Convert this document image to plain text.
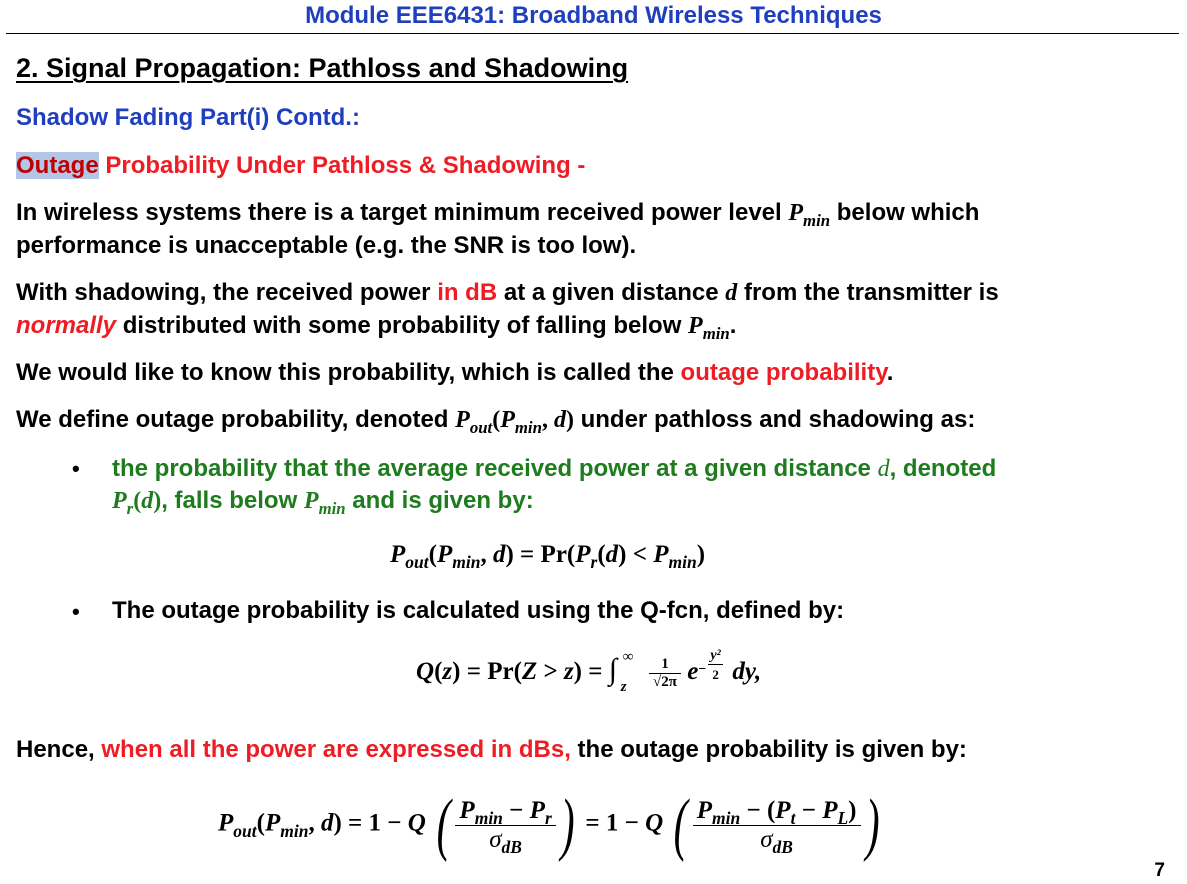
Module EEE6431: Broadband Wireless Techniques
2. Signal Propagation: Pathloss and Shadowing
Shadow Fading Part(i) Contd.:
Outage Probability Under Pathloss & Shadowing -
In wireless systems there is a target minimum received power level $P_{min}$ below which
performance is unacceptable (e.g. the SNR is too low).
With shadowing, the received power in dB at a given distance d from the transmitter is
normally distributed with some probability of falling below $P_{min}$.
We would like to know this probability, which is called the outage probability.
We define outage probability, denoted $P_{out}(P_{min}$, d) under pathloss and shadowing as:
• the probability that the average received power at a given distance d, denoted
$P_r(d)$, falls below $P_{min}$ and is given by:
$P_{out}(P_{min}$, $d) = Pr(P_r(d) < P_{min})$
• The outage probability is calculated using the Q-fcn, defined by:
Q(z) = Pr(Z > z) = ∫ ∞
z
$\frac{1}{√2\pi}$ e −
y²
2 dy,
Hence, when all the power are expressed in dBs, the outage probability is given by:
$P_{out}(P_{min}$, d) = 1 − Q ( $\frac{P_{min} - P_r}{\sigma_{dB}}$ ) = 1 − Q ( $\frac{P_{min} - (P_t - P_L)}{\sigma_{dB}}$ )
7
